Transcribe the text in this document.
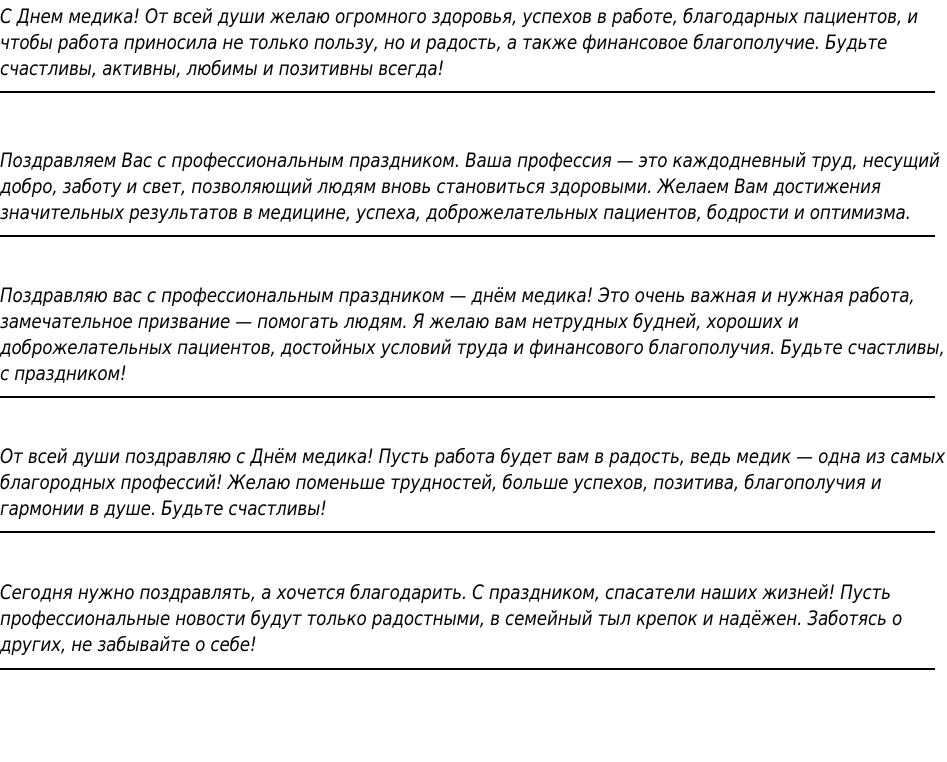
С Днем медика! От всей души желаю огромного здоровья, успехов в работе, благодарных пациентов, и чтобы работа приносила не только пользу, но и радость, а также финансовое благополучие. Будьте счастливы, активны, любимы и позитивны всегда!

Поздравляем Вас с профессиональным праздником. Ваша профессия — это каждодневный труд, несущий добро, заботу и свет, позволяющий людям вновь становиться здоровыми. Желаем Вам достижения значительных результатов в медицине, успеха, доброжелательных пациентов, бодрости и оптимизма.

Поздравляю вас с профессиональным праздником — днём медика! Это очень важная и нужная работа, замечательное призвание — помогать людям. Я желаю вам нетрудных будней, хороших и доброжелательных пациентов, достойных условий труда и финансового благополучия. Будьте счастливы, с праздником!

От всей души поздравляю с Днём медика! Пусть работа будет вам в радость, ведь медик — одна из самых благородных профессий! Желаю поменьше трудностей, больше успехов, позитива, благополучия и гармонии в душе. Будьте счастливы!

Сегодня нужно поздравлять, а хочется благодарить. С праздником, спасатели наших жизней! Пусть профессиональные новости будут только радостными, в семейный тыл крепок и надёжен. Заботясь о других, не забывайте о себе!
